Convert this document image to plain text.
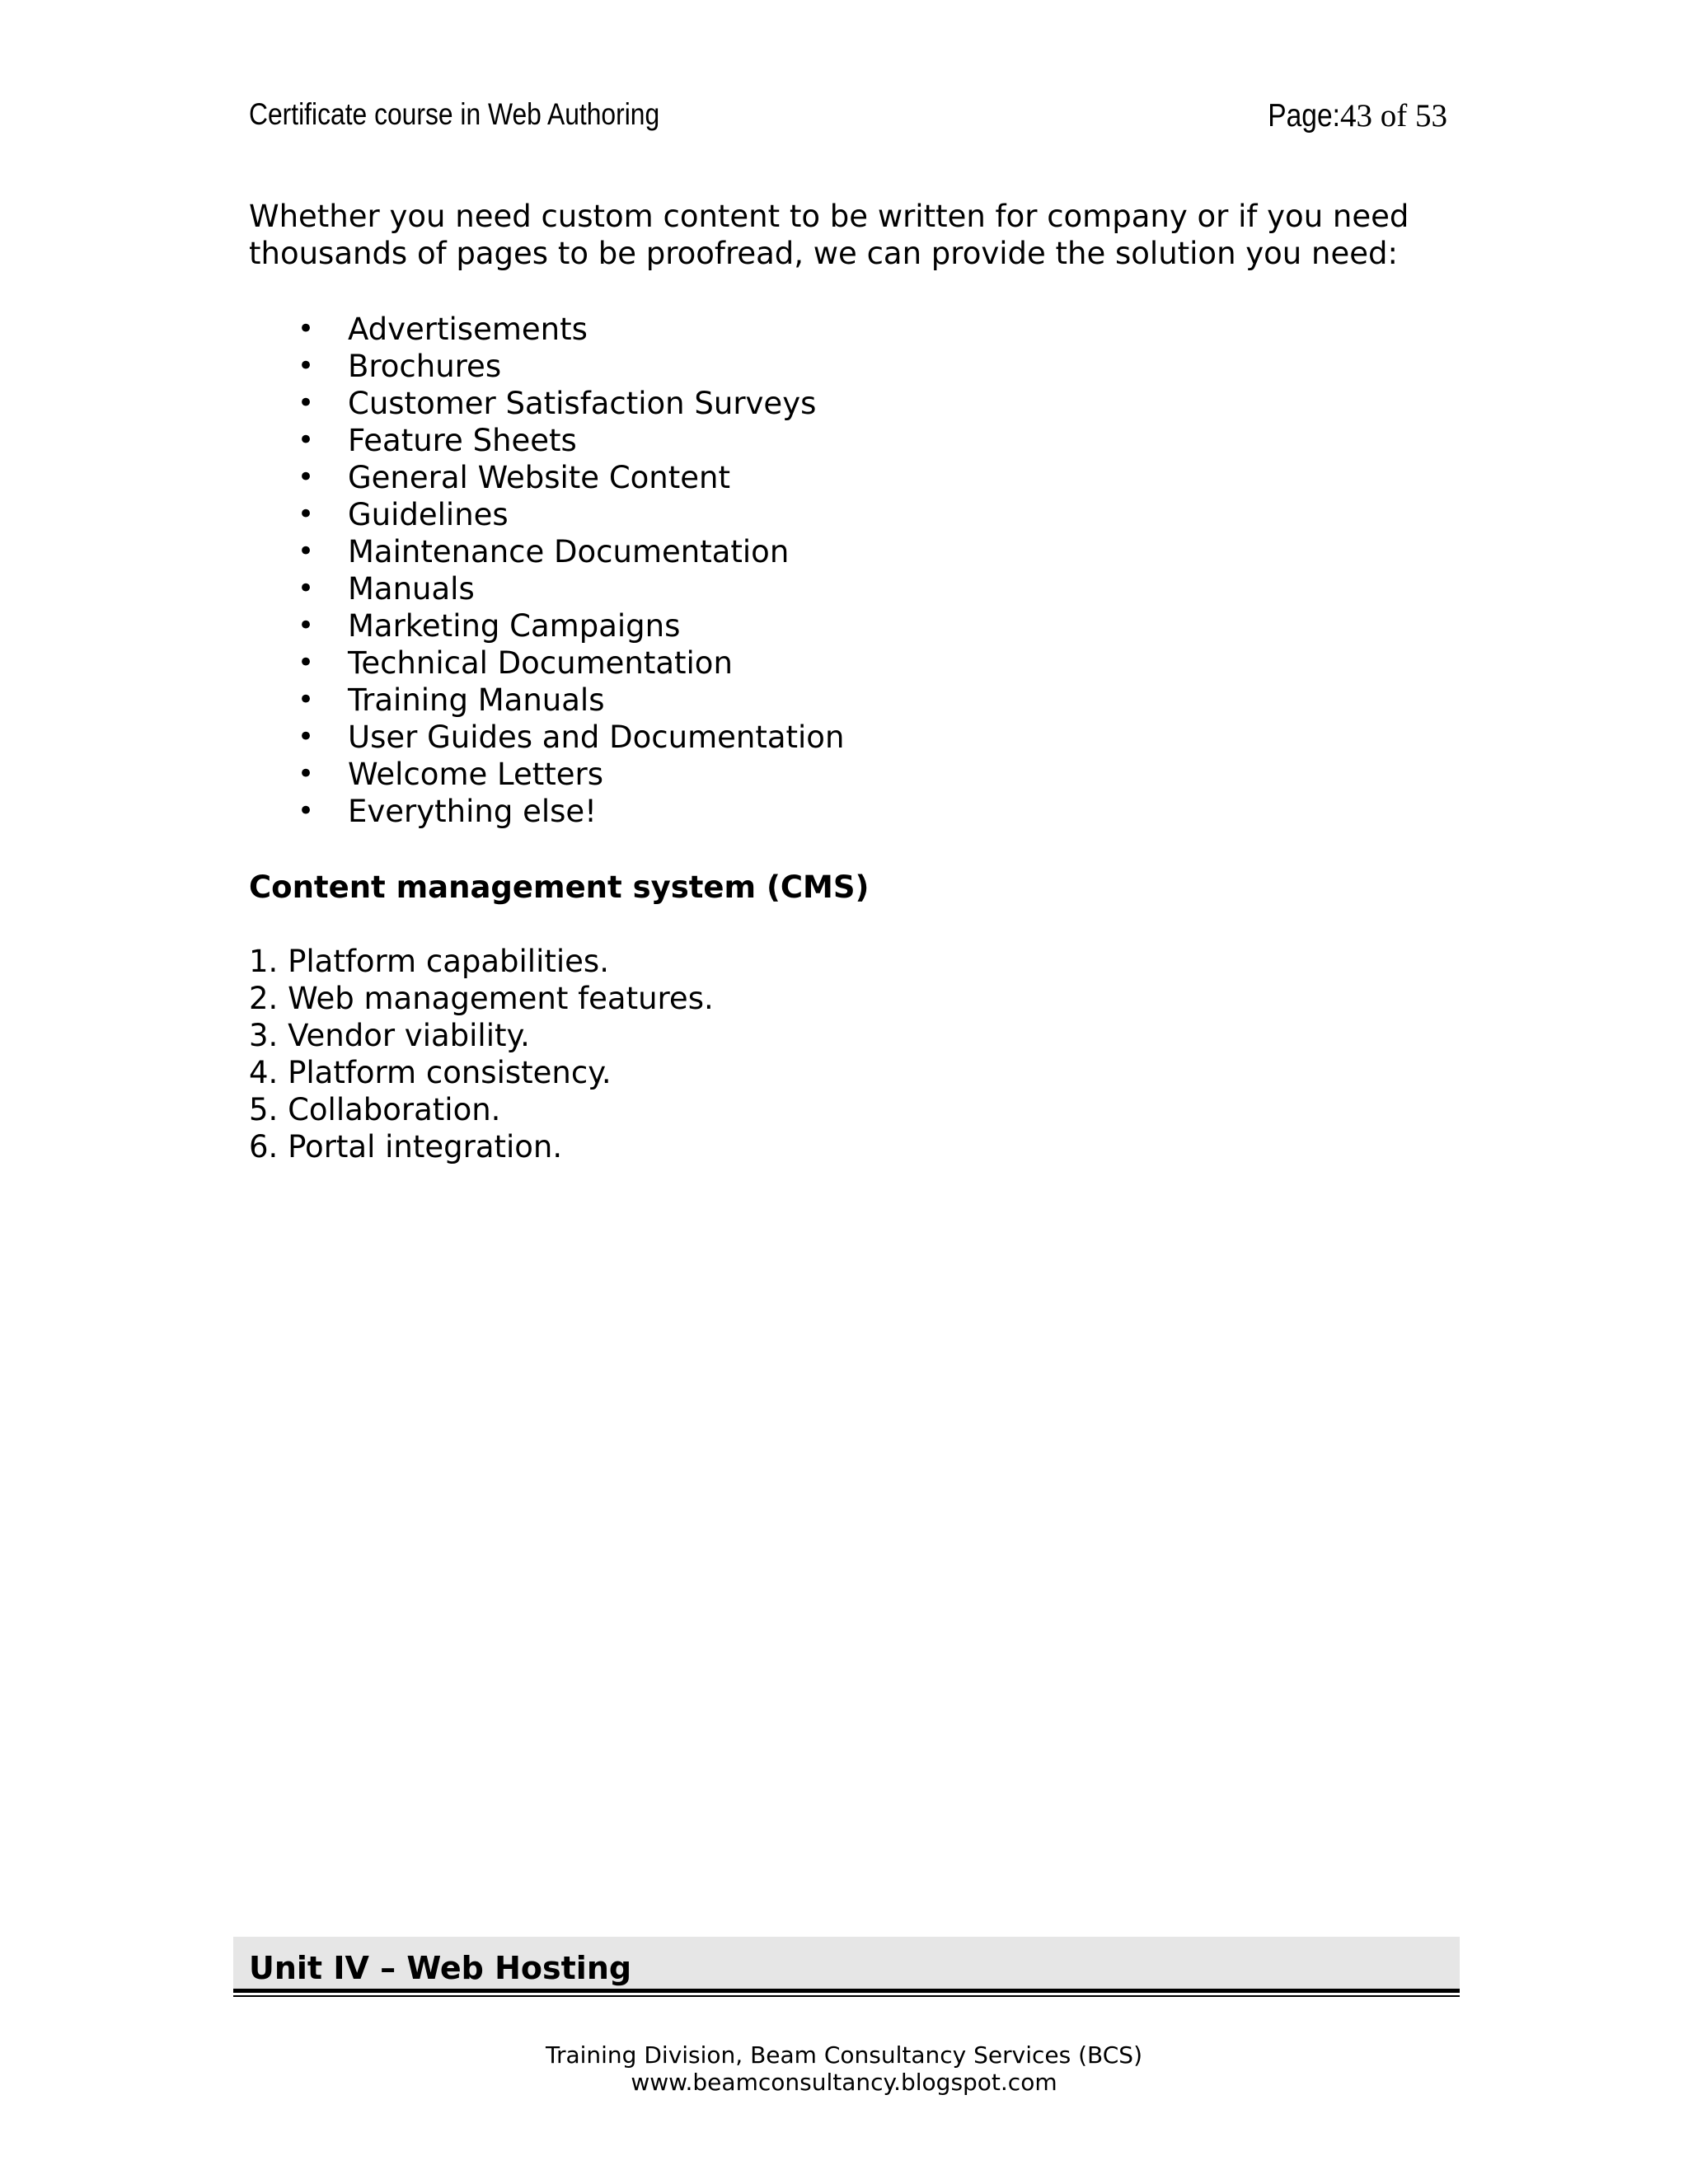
Certificate course in Web Authoring	Page:43 of 53

Whether you need custom content to be written for company or if you need thousands of pages to be proofread, we can provide the solution you need:

• Advertisements
• Brochures
• Customer Satisfaction Surveys
• Feature Sheets
• General Website Content
• Guidelines
• Maintenance Documentation
• Manuals
• Marketing Campaigns
• Technical Documentation
• Training Manuals
• User Guides and Documentation
• Welcome Letters
• Everything else!
Content management system (CMS)
1. Platform capabilities.
2. Web management features.
3. Vendor viability.
4. Platform consistency.
5. Collaboration.
6. Portal integration.
Unit IV – Web Hosting
Training Division, Beam Consultancy Services (BCS)
www.beamconsultancy.blogspot.com
